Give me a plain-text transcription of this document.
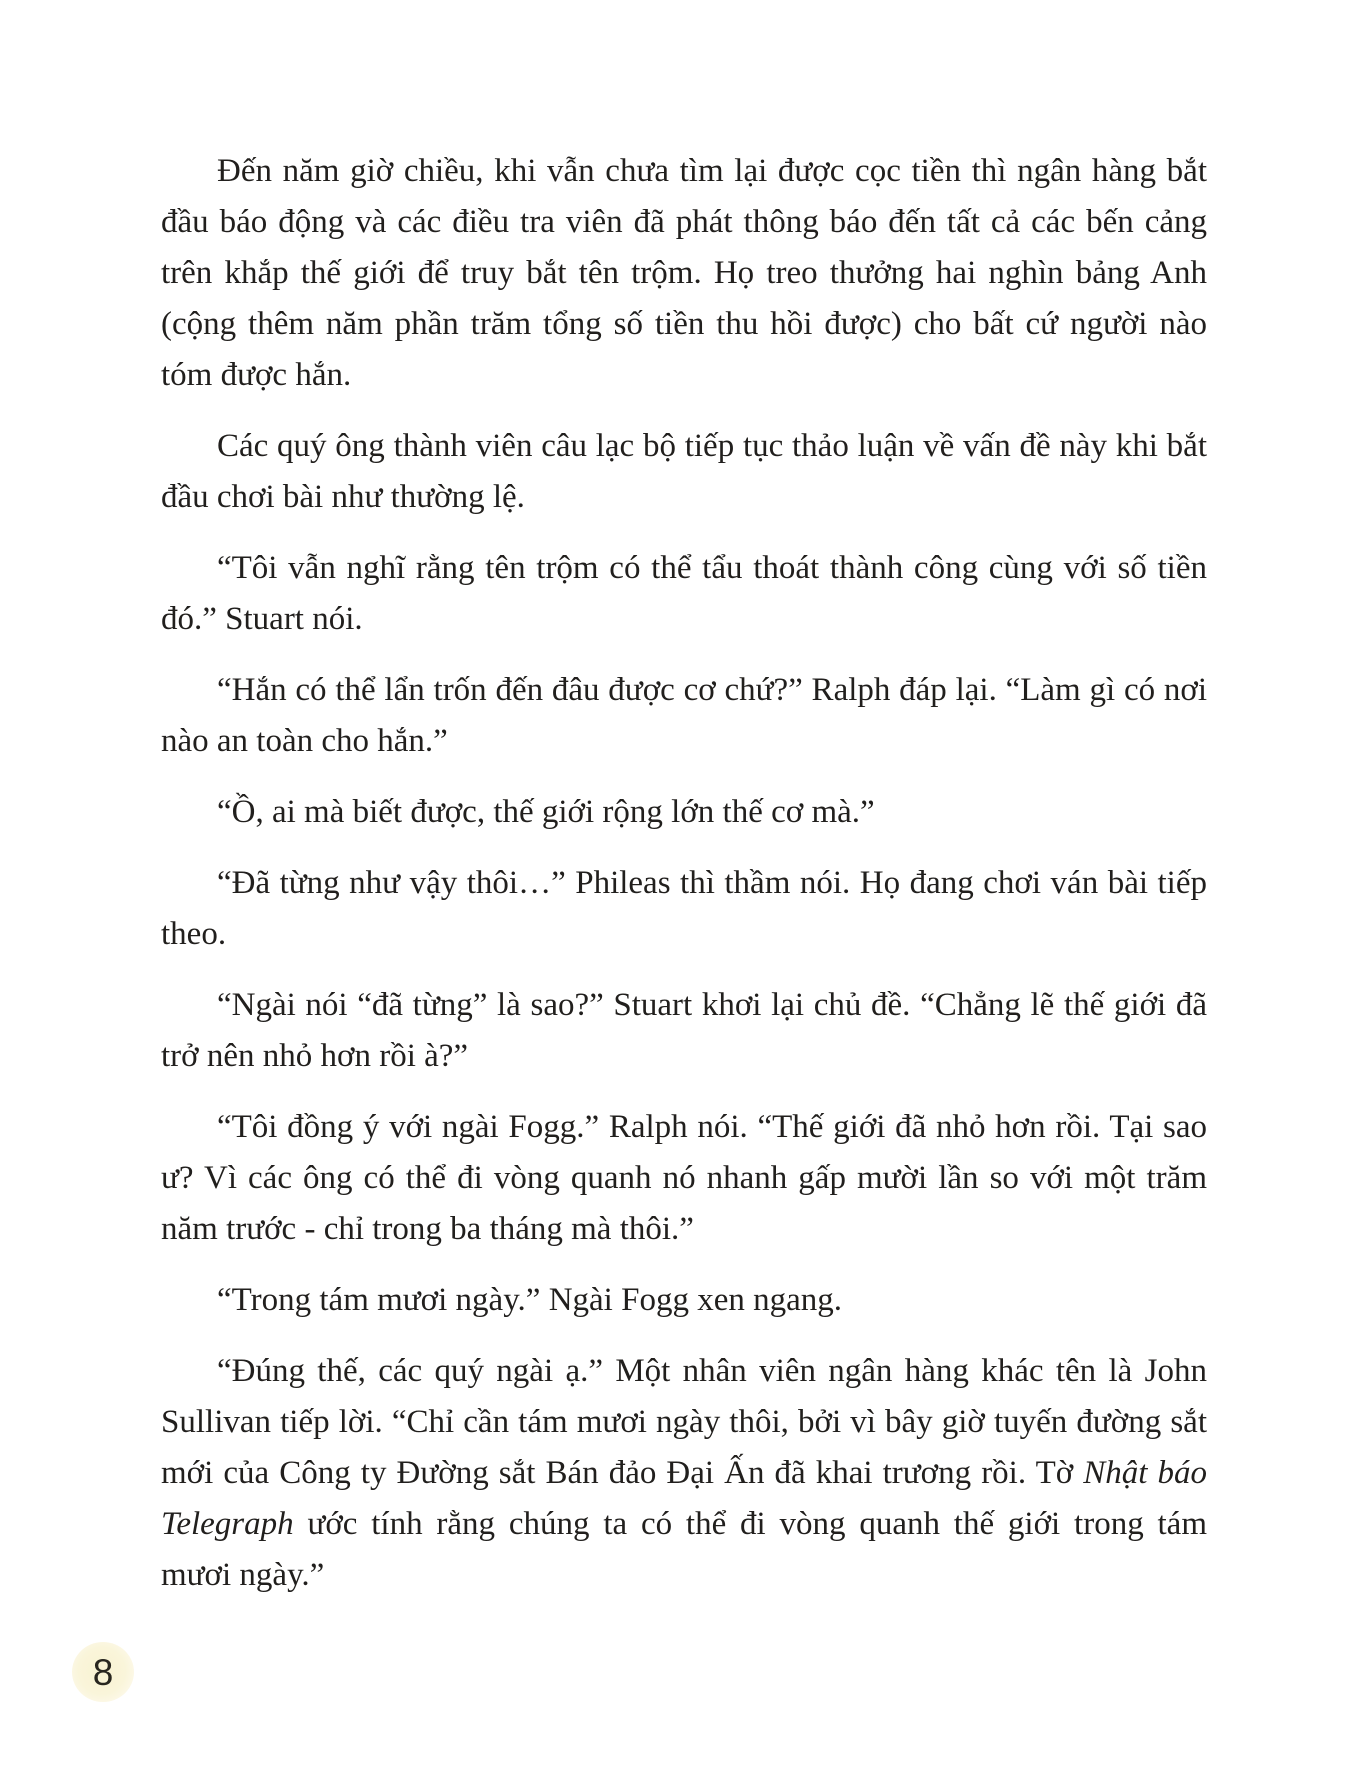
Đến năm giờ chiều, khi vẫn chưa tìm lại được cọc tiền thì ngân hàng bắt đầu báo động và các điều tra viên đã phát thông báo đến tất cả các bến cảng trên khắp thế giới để truy bắt tên trộm. Họ treo thưởng hai nghìn bảng Anh (cộng thêm năm phần trăm tổng số tiền thu hồi được) cho bất cứ người nào tóm được hắn.

Các quý ông thành viên câu lạc bộ tiếp tục thảo luận về vấn đề này khi bắt đầu chơi bài như thường lệ.

“Tôi vẫn nghĩ rằng tên trộm có thể tẩu thoát thành công cùng với số tiền đó.” Stuart nói.

“Hắn có thể lẩn trốn đến đâu được cơ chứ?” Ralph đáp lại. “Làm gì có nơi nào an toàn cho hắn.”

“Ồ, ai mà biết được, thế giới rộng lớn thế cơ mà.”

“Đã từng như vậy thôi…” Phileas thì thầm nói. Họ đang chơi ván bài tiếp theo.

“Ngài nói “đã từng” là sao?” Stuart khơi lại chủ đề. “Chẳng lẽ thế giới đã trở nên nhỏ hơn rồi à?”

“Tôi đồng ý với ngài Fogg.” Ralph nói. “Thế giới đã nhỏ hơn rồi. Tại sao ư? Vì các ông có thể đi vòng quanh nó nhanh gấp mười lần so với một trăm năm trước - chỉ trong ba tháng mà thôi.”

“Trong tám mươi ngày.” Ngài Fogg xen ngang.

“Đúng thế, các quý ngài ạ.” Một nhân viên ngân hàng khác tên là John Sullivan tiếp lời. “Chỉ cần tám mươi ngày thôi, bởi vì bây giờ tuyến đường sắt mới của Công ty Đường sắt Bán đảo Đại Ấn đã khai trương rồi. Tờ Nhật báo Telegraph ước tính rằng chúng ta có thể đi vòng quanh thế giới trong tám mươi ngày.”

8
